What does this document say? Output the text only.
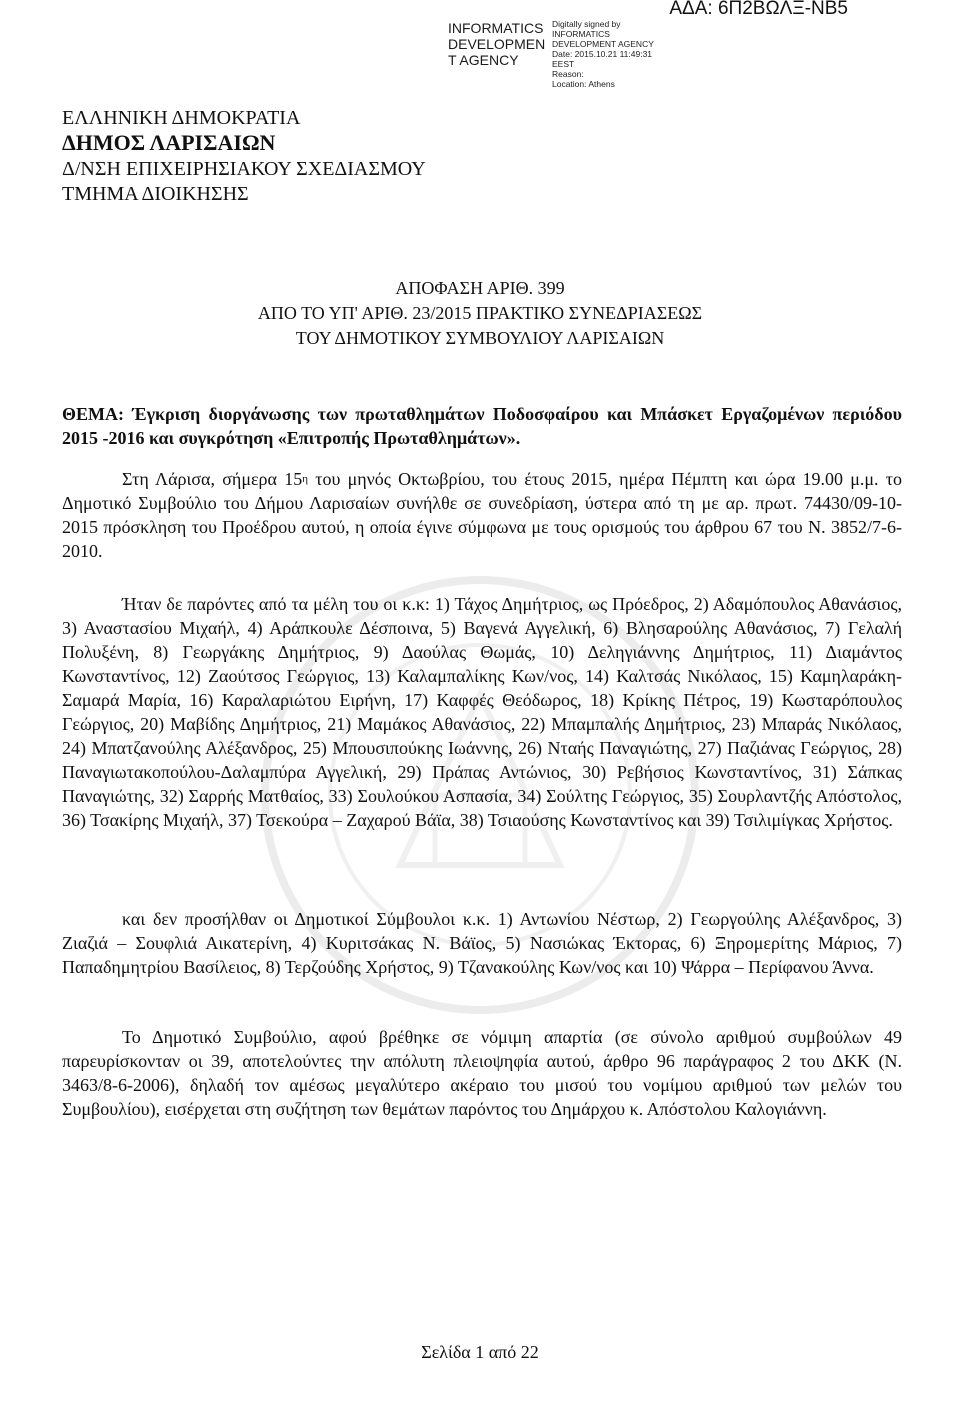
INFORMATICS DEVELOPMEN T AGENCY
Digitally signed by
INFORMATICS
DEVELOPMENT AGENCY
Date: 2015.10.21 11:49:31
EEST
Reason:
Location: Athens
ΑΔΑ: 6Π2ΒΩΛΞ-ΝΒ5
ΕΛΛΗΝΙΚΗ ΔΗΜΟΚΡΑΤΙΑ
ΔΗΜΟΣ ΛΑΡΙΣΑΙΩΝ
Δ/ΝΣΗ ΕΠΙΧΕΙΡΗΣΙΑΚΟΥ ΣΧΕΔΙΑΣΜΟΥ
ΤΜΗΜΑ ΔΙΟΙΚΗΣΗΣ
ΑΠΟΦΑΣΗ ΑΡΙΘ. 399
ΑΠΟ ΤΟ ΥΠ' ΑΡΙΘ. 23/2015 ΠΡΑΚΤΙΚΟ ΣΥΝΕΔΡΙΑΣΕΩΣ
ΤΟΥ ΔΗΜΟΤΙΚΟΥ ΣΥΜΒΟΥΛΙΟΥ ΛΑΡΙΣΑΙΩΝ
ΘΕΜΑ: Έγκριση διοργάνωσης των πρωταθλημάτων Ποδοσφαίρου και Μπάσκετ Εργαζομένων περιόδου 2015 -2016 και συγκρότηση «Επιτροπής Πρωταθλημάτων».
Στη Λάρισα, σήμερα $15^\eta$ του μηνός Οκτωβρίου, του έτους 2015, ημέρα Πέμπτη και ώρα 19.00 μ.μ. το Δημοτικό Συμβούλιο του Δήμου Λαρισαίων συνήλθε σε συνεδρίαση, ύστερα από τη με αρ. πρωτ. 74430/09-10-2015 πρόσκληση του Προέδρου αυτού, η οποία έγινε σύμφωνα με τους ορισμούς του άρθρου 67 του Ν. 3852/7-6-2010.
Ήταν δε παρόντες από τα μέλη του οι κ.κ: 1) Τάχος Δημήτριος, ως Πρόεδρος, 2) Αδαμόπουλος Αθανάσιος, 3) Αναστασίου Μιχαήλ, 4) Αράπκουλε Δέσποινα, 5) Βαγενά Αγγελική, 6) Βλησαρούλης Αθανάσιος, 7) Γελαλή Πολυξένη, 8) Γεωργάκης Δημήτριος, 9) Δαούλας Θωμάς, 10) Δεληγιάννης Δημήτριος, 11) Διαμάντος Κωνσταντίνος, 12) Ζαούτσος Γεώργιος, 13) Καλαμπαλίκης Κων/νος, 14) Καλτσάς Νικόλαος, 15) Καμηλαράκη-Σαμαρά Μαρία, 16) Καραλαριώτου Ειρήνη, 17) Καφφές Θεόδωρος, 18) Κρίκης Πέτρος, 19) Κωσταρόπουλος Γεώργιος, 20) Μαβίδης Δημήτριος, 21) Μαμάκος Αθανάσιος, 22) Μπαμπαλής Δημήτριος, 23) Μπαράς Νικόλαος, 24) Μπατζανούλης Αλέξανδρος, 25) Μπουσιπούκης Ιωάννης, 26) Νταής Παναγιώτης, 27) Παζιάνας Γεώργιος, 28) Παναγιωτακοπούλου-Δαλαμπύρα Αγγελική, 29) Πράπας Αντώνιος, 30) Ρεβήσιος Κωνσταντίνος, 31) Σάπκας Παναγιώτης, 32) Σαρρής Ματθαίος, 33) Σουλούκου Ασπασία, 34) Σούλτης Γεώργιος, 35) Σουρλαντζής Απόστολος, 36) Τσακίρης Μιχαήλ, 37) Τσεκούρα – Ζαχαρού Βάϊα, 38) Τσιαούσης Κωνσταντίνος και 39) Τσιλιμίγκας Χρήστος.
και δεν προσήλθαν οι Δημοτικοί Σύμβουλοι κ.κ. 1) Αντωνίου Νέστωρ, 2) Γεωργούλης Αλέξανδρος, 3) Ζιαζιά – Σουφλιά Αικατερίνη, 4) Κυριτσάκας Ν. Βάϊος, 5) Νασιώκας Έκτορας, 6) Ξηρομερίτης Μάριος, 7) Παπαδημητρίου Βασίλειος, 8) Τερζούδης Χρήστος, 9) Τζανακούλης Κων/νος και 10) Ψάρρα – Περίφανου Άννα.
Το Δημοτικό Συμβούλιο, αφού βρέθηκε σε νόμιμη απαρτία (σε σύνολο αριθμού συμβούλων 49 παρευρίσκονταν οι 39, αποτελούντες την απόλυτη πλειοψηφία αυτού, άρθρο 96 παράγραφος 2 του ΔΚΚ (Ν. 3463/8-6-2006), δηλαδή τον αμέσως μεγαλύτερο ακέραιο του μισού του νομίμου αριθμού των μελών του Συμβουλίου), εισέρχεται στη συζήτηση των θεμάτων παρόντος του Δημάρχου κ. Απόστολου Καλογιάννη.
Σελίδα 1 από 22
